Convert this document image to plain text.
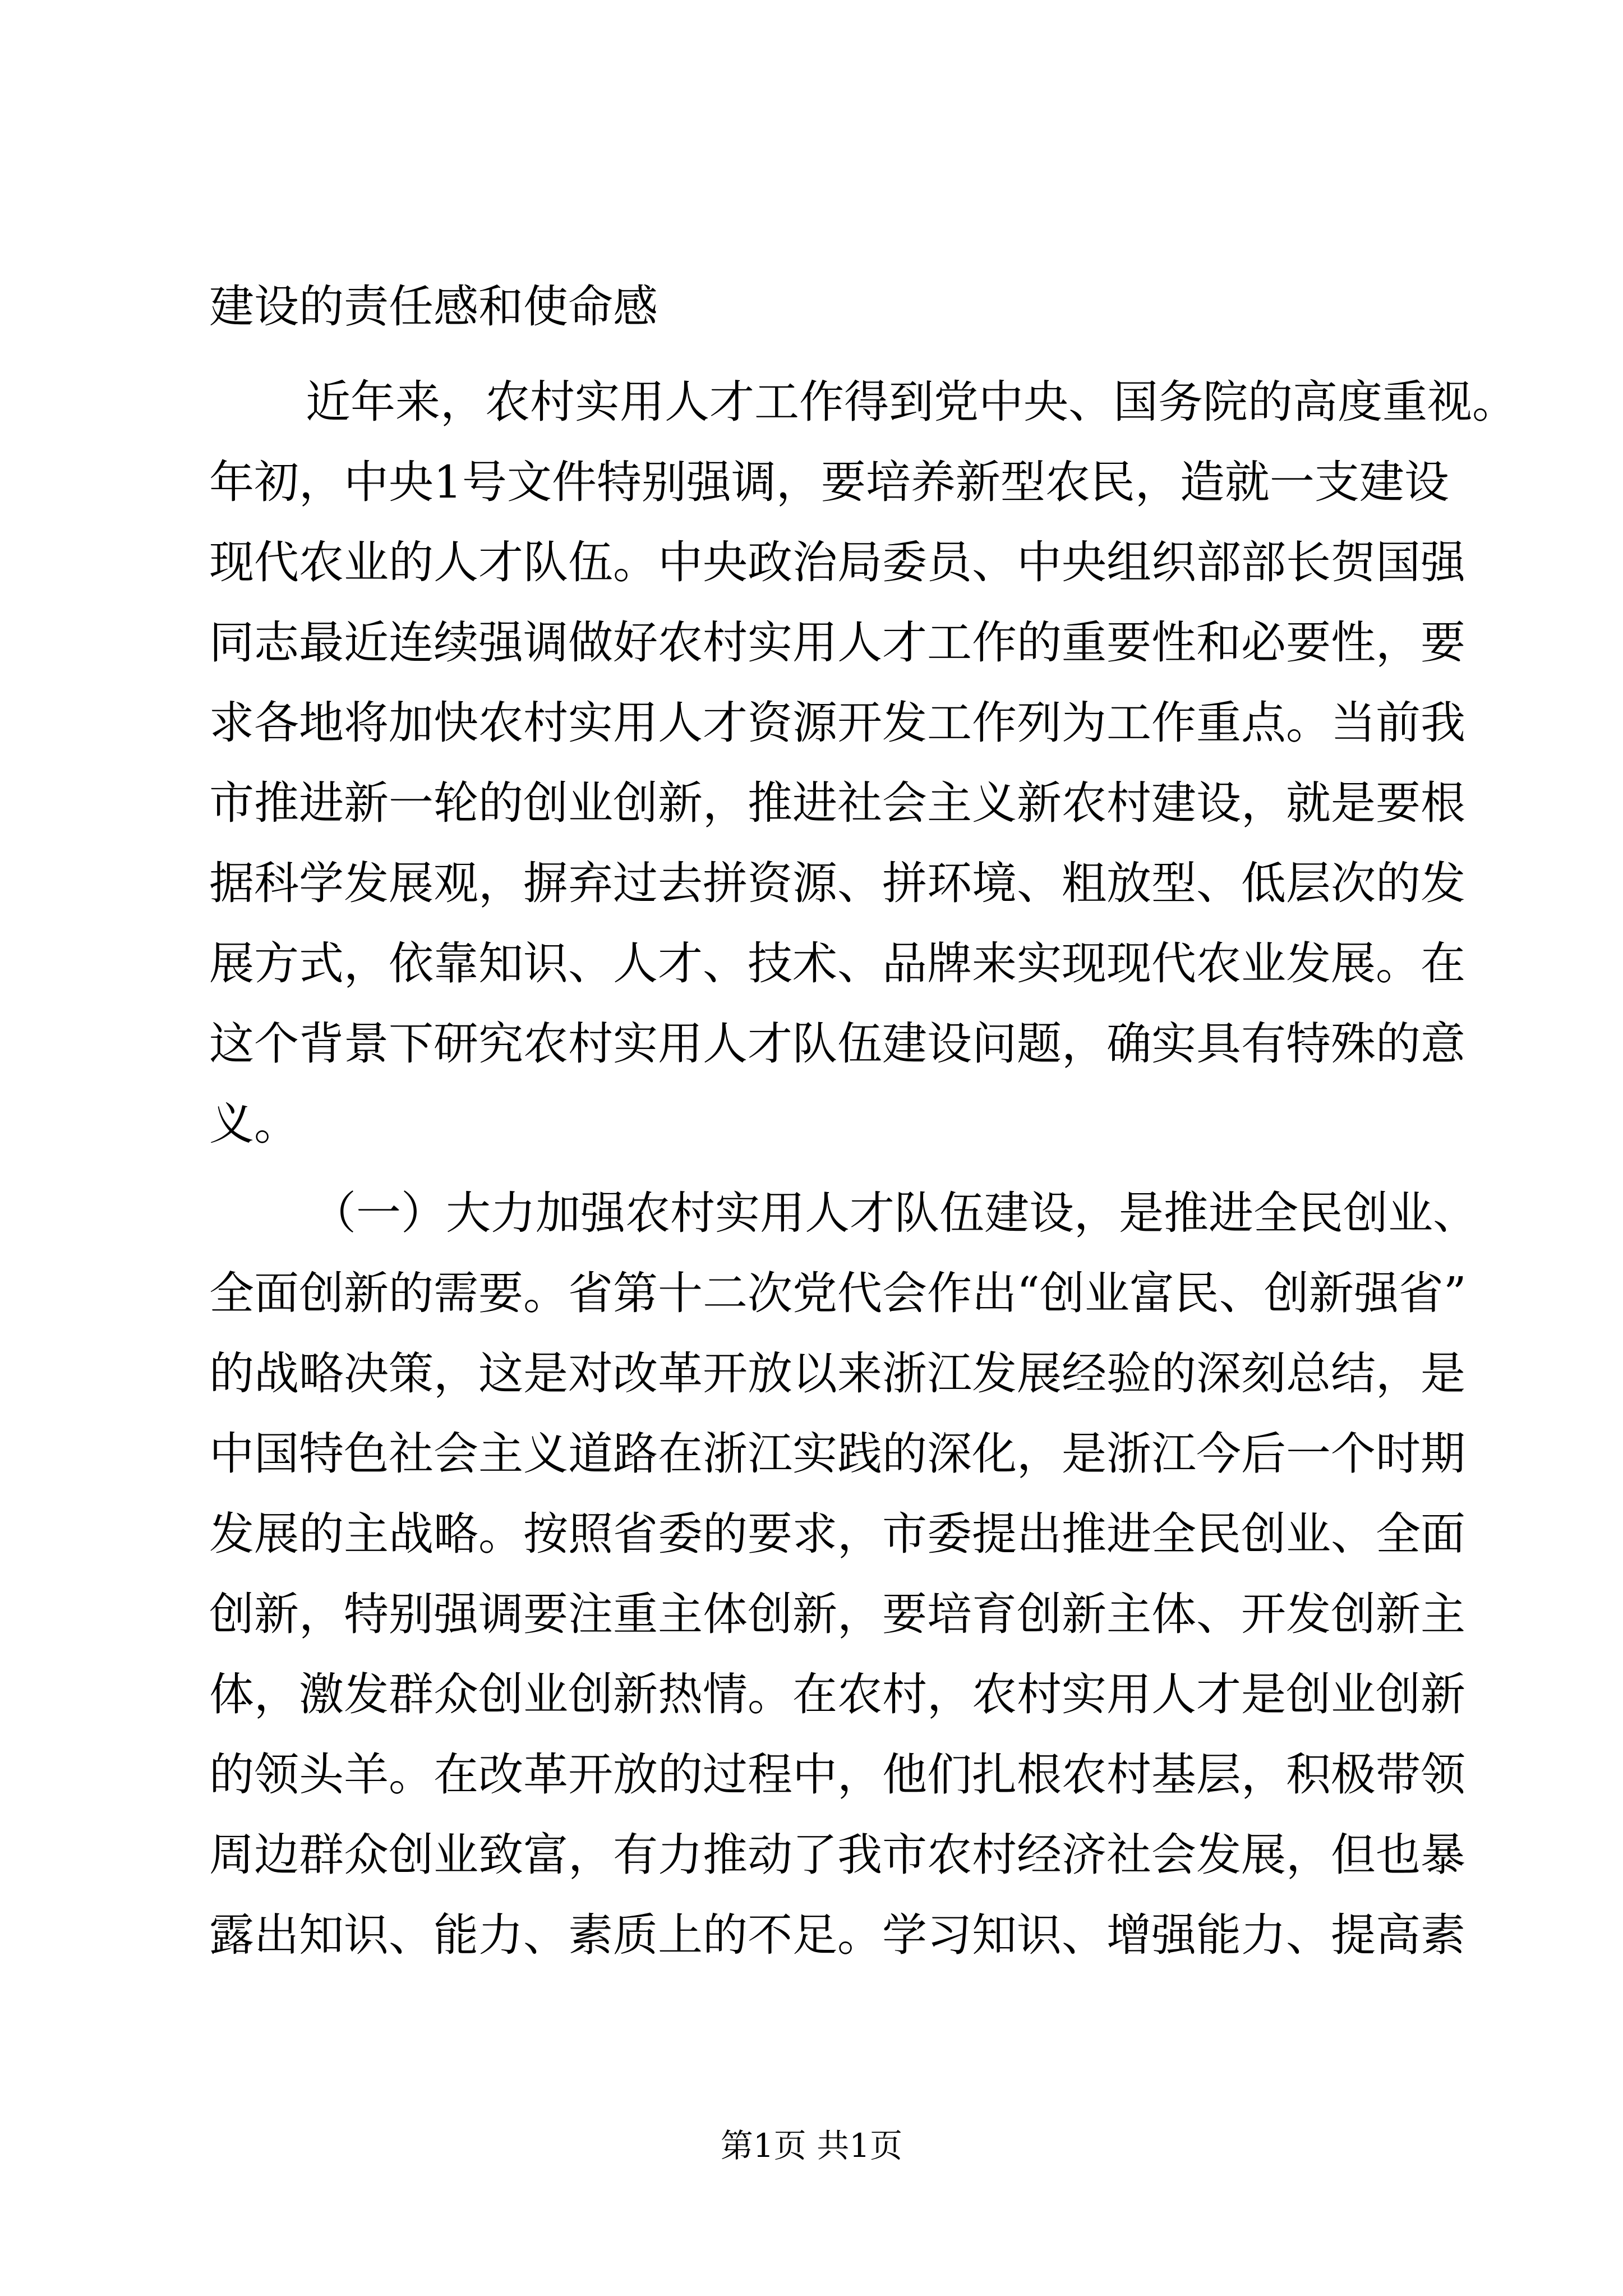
建设的责任感和使命感
近年来，农村实用人才工作得到党中央、国务院的高度重视。
年初，中央1号文件特别强调，要培养新型农民，造就一支建设
现代农业的人才队伍。中央政治局委员、中央组织部部长贺国强
同志最近连续强调做好农村实用人才工作的重要性和必要性，要
求各地将加快农村实用人才资源开发工作列为工作重点。当前我
市推进新一轮的创业创新，推进社会主义新农村建设，就是要根
据科学发展观，摒弃过去拼资源、拼环境、粗放型、低层次的发
展方式，依靠知识、人才、技术、品牌来实现现代农业发展。在
这个背景下研究农村实用人才队伍建设问题，确实具有特殊的意
义。
（一）大力加强农村实用人才队伍建设，是推进全民创业、
全面创新的需要。省第十二次党代会作出“创业富民、创新强省”
的战略决策，这是对改革开放以来浙江发展经验的深刻总结，是
中国特色社会主义道路在浙江实践的深化，是浙江今后一个时期
发展的主战略。按照省委的要求，市委提出推进全民创业、全面
创新，特别强调要注重主体创新，要培育创新主体、开发创新主
体，激发群众创业创新热情。在农村，农村实用人才是创业创新
的领头羊。在改革开放的过程中，他们扎根农村基层，积极带领
周边群众创业致富，有力推动了我市农村经济社会发展，但也暴
露出知识、能力、素质上的不足。学习知识、增强能力、提高素
第1页 共1页
